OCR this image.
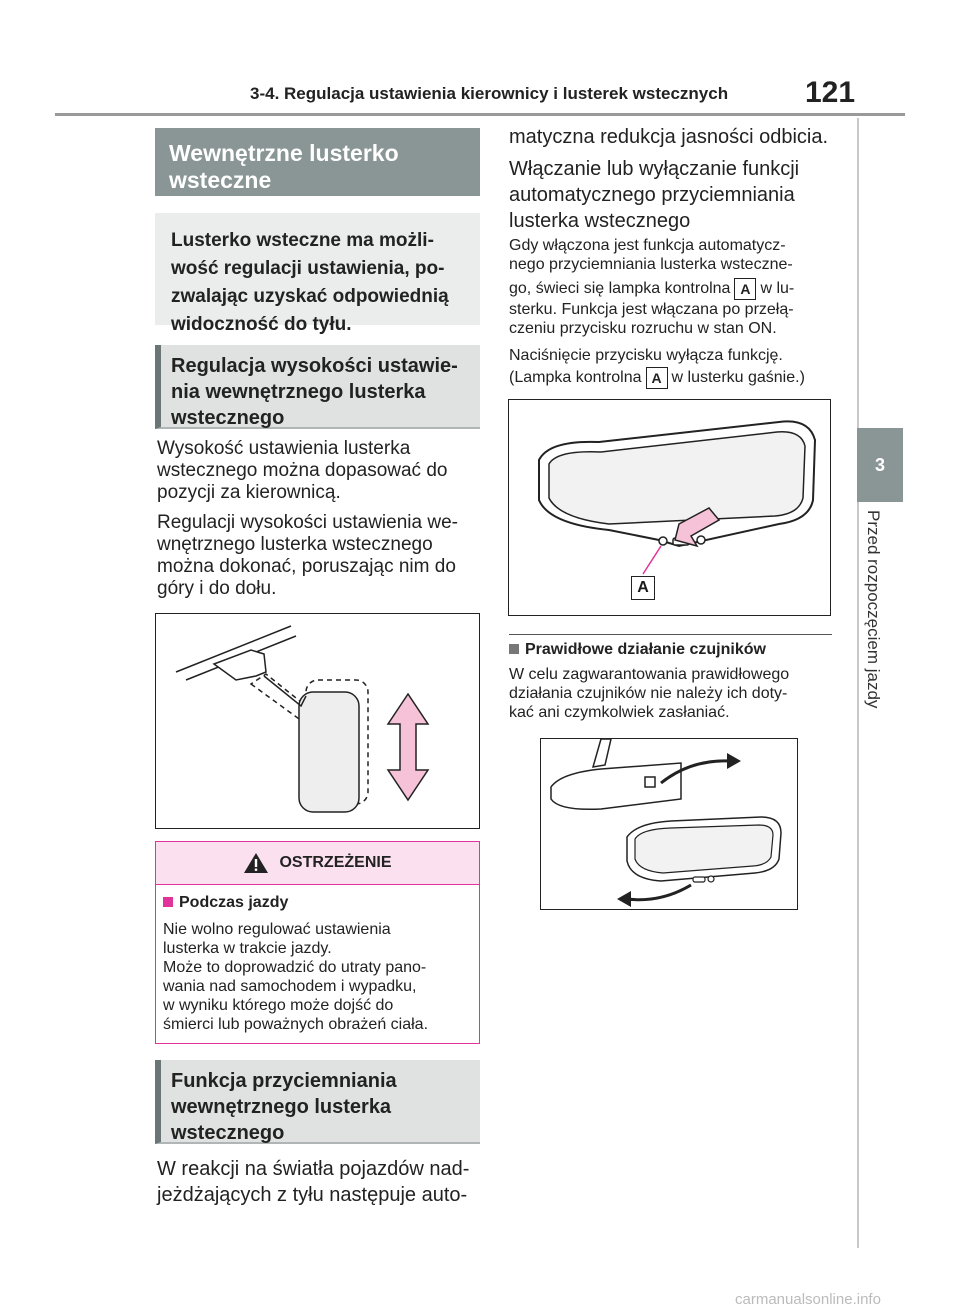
3-4. Regulacja ustawienia kierownicy i lusterek wstecznych	121
3
Przed rozpoczęciem jazdy
Wewnętrzne lusterko
wsteczne
Lusterko wsteczne ma możli-
wość regulacji ustawienia, po-
zwalając uzyskać odpowiednią
widoczność do tyłu.
Regulacja wysokości ustawie-
nia wewnętrznego lusterka
wstecznego
Wysokość ustawienia lusterka
wstecznego można dopasować do
pozycji za kierownicą.
Regulacji wysokości ustawienia we-
wnętrznego lusterka wstecznego
można dokonać, poruszając nim do
góry i do dołu.
OSTRZEŻENIE
Podczas jazdy
Nie wolno regulować ustawienia
lusterka w trakcie jazdy.
Może to doprowadzić do utraty pano-
wania nad samochodem i wypadku,
w wyniku którego może dojść do
śmierci lub poważnych obrażeń ciała.
Funkcja przyciemniania
wewnętrznego lusterka
wstecznego
W reakcji na światła pojazdów nad-
jeżdżających z tyłu następuje auto-
matyczna redukcja jasności odbicia.
Włączanie lub wyłączanie funkcji
automatycznego przyciemniania
lusterka wstecznego
Gdy włączona jest funkcja automatycz-
nego przyciemniania lusterka wsteczne-
go, świeci się lampka kontrolna A w lu-
sterku. Funkcja jest włączana po przełą-
czeniu przycisku rozruchu w stan ON.
Naciśnięcie przycisku wyłącza funkcję.
(Lampka kontrolna A w lusterku gaśnie.)
A
Prawidłowe działanie czujników
W celu zagwarantowania prawidłowego
działania czujników nie należy ich doty-
kać ani czymkolwiek zasłaniać.
carmanualsonline.info
